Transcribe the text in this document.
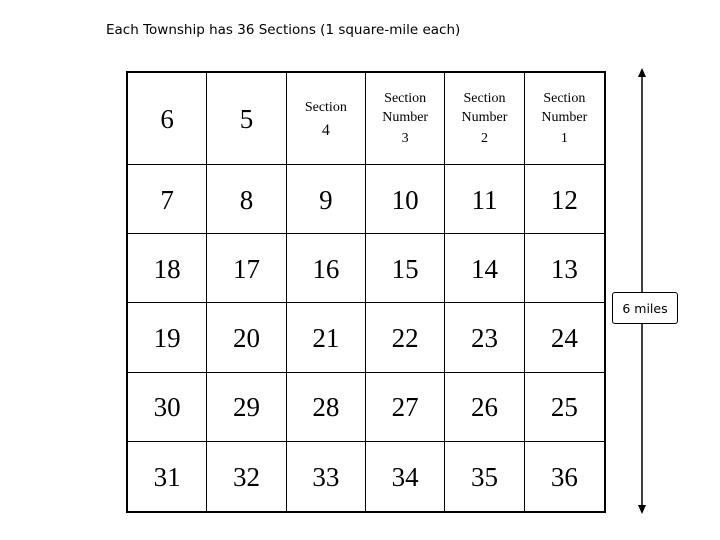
Each Township has 36 Sections (1 square-mile each)
6 5	Section
4
Section
Number
3
Section
Number
2
Section
Number
1
7 8 9 10 11 12
18 17 16 15 14 13
19 20 21 22 23 24
30 29 28 27 26 25
31 32 33 34 35 36
6 miles
